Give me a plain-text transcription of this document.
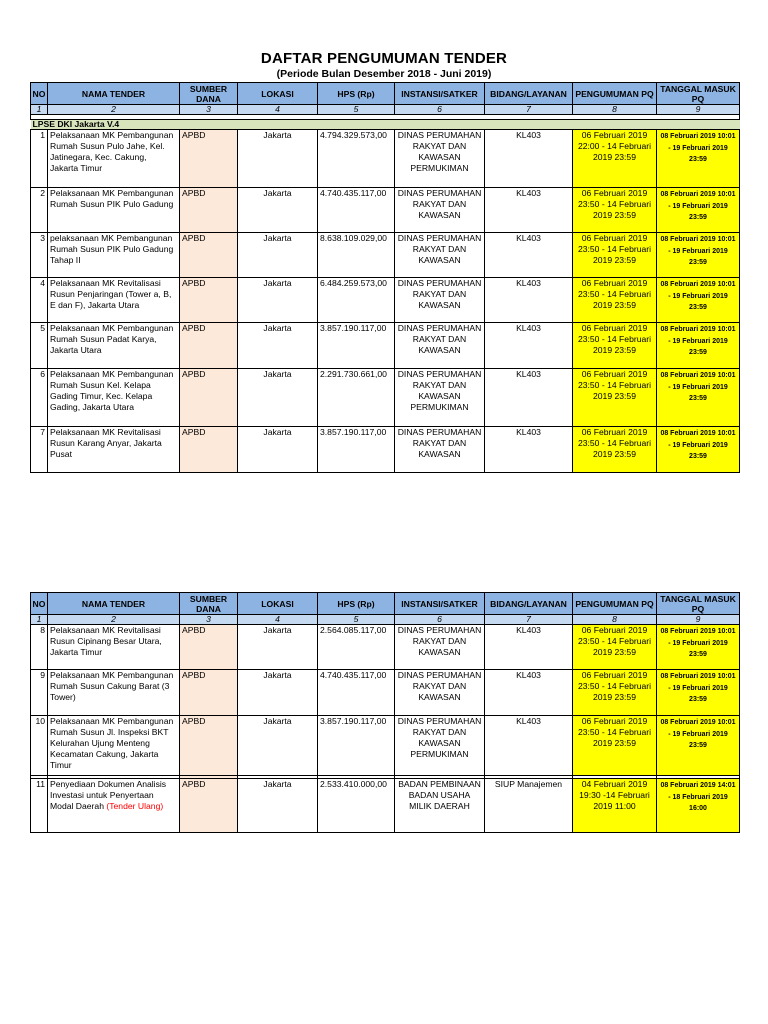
DAFTAR PENGUMUMAN TENDER
(Periode Bulan Desember 2018 - Juni 2019)
NO	NAMA TENDER	SUMBER DANA	LOKASI	HPS (Rp)	INSTANSI/SATKER	BIDANG/LAYANAN	PENGUMUMAN PQ	TANGGAL MASUK PQ
1	2	3	4	5	6	7	8	9

LPSE DKI Jakarta V.4								
1	Pelaksanaan MK Pembangunan Rumah Susun Pulo Jahe, Kel. Jatinegara, Kec. Cakung, Jakarta Timur	APBD	Jakarta	4.794.329.573,00	DINAS PERUMAHAN RAKYAT DAN KAWASAN PERMUKIMAN	KL403	06 Februari 2019 22:00 - 14 Februari 2019 23:59	08 Februari 2019 10:01 - 19 Februari 2019 23:59
2	Pelaksanaan MK Pembangunan Rumah Susun PIK Pulo Gadung	APBD	Jakarta	4.740.435.117,00	DINAS PERUMAHAN RAKYAT DAN KAWASAN	KL403	06 Februari 2019 23:50 - 14 Februari 2019 23:59	08 Februari 2019 10:01 - 19 Februari 2019 23:59
3	pelaksanaan MK Pembangunan Rumah Susun PIK Pulo Gadung Tahap II	APBD	Jakarta	8.638.109.029,00	DINAS PERUMAHAN RAKYAT DAN KAWASAN	KL403	06 Februari 2019 23:50 - 14 Februari 2019 23:59	08 Februari 2019 10:01 - 19 Februari 2019 23:59
4	Pelaksanaan MK Revitalisasi Rusun Penjaringan (Tower a, B, E dan F), Jakarta Utara	APBD	Jakarta	6.484.259.573,00	DINAS PERUMAHAN RAKYAT DAN KAWASAN	KL403	06 Februari 2019 23:50 - 14 Februari 2019 23:59	08 Februari 2019 10:01 - 19 Februari 2019 23:59
5	Pelaksanaan MK Pembangunan Rumah Susun Padat Karya, Jakarta Utara	APBD	Jakarta	3.857.190.117,00	DINAS PERUMAHAN RAKYAT DAN KAWASAN	KL403	06 Februari 2019 23:50 - 14 Februari 2019 23:59	08 Februari 2019 10:01 - 19 Februari 2019 23:59
6	Pelaksanaan MK Pembangunan Rumah Susun Kel. Kelapa Gading Timur, Kec. Kelapa Gading, Jakarta Utara	APBD	Jakarta	2.291.730.661,00	DINAS PERUMAHAN RAKYAT DAN KAWASAN PERMUKIMAN	KL403	06 Februari 2019 23:50 - 14 Februari 2019 23:59	08 Februari 2019 10:01 - 19 Februari 2019 23:59
7	Pelaksanaan MK Revitalisasi Rusun Karang Anyar, Jakarta Pusat	APBD	Jakarta	3.857.190.117,00	DINAS PERUMAHAN RAKYAT DAN KAWASAN	KL403	06 Februari 2019 23:50 - 14 Februari 2019 23:59	08 Februari 2019 10:01 - 19 Februari 2019 23:59
NO	NAMA TENDER	SUMBER DANA	LOKASI	HPS (Rp)	INSTANSI/SATKER	BIDANG/LAYANAN	PENGUMUMAN PQ	TANGGAL MASUK PQ
1	2	3	4	5	6	7	8	9
8	Pelaksanaan MK Revitalisasi Rusun Cipinang Besar Utara, Jakarta Timur	APBD	Jakarta	2.564.085.117,00	DINAS PERUMAHAN RAKYAT DAN KAWASAN	KL403	06 Februari 2019 23:50 - 14 Februari 2019 23:59	08 Februari 2019 10:01 - 19 Februari 2019 23:59
9	Pelaksanaan MK Pembangunan Rumah Susun Cakung Barat (3 Tower)	APBD	Jakarta	4.740.435.117,00	DINAS PERUMAHAN RAKYAT DAN KAWASAN	KL403	06 Februari 2019 23:50 - 14 Februari 2019 23:59	08 Februari 2019 10:01 - 19 Februari 2019 23:59
10	Pelaksanaan MK Pembangunan Rumah Susun Jl. Inspeksi BKT Kelurahan Ujung Menteng Kecamatan Cakung, Jakarta Timur	APBD	Jakarta	3.857.190.117,00	DINAS PERUMAHAN RAKYAT DAN KAWASAN PERMUKIMAN	KL403	06 Februari 2019 23:50 - 14 Februari 2019 23:59	08 Februari 2019 10:01 - 19 Februari 2019 23:59

11	Penyediaan Dokumen Analisis Investasi untuk Penyertaan Modal Daerah (Tender Ulang)	APBD	Jakarta	2.533.410.000,00	BADAN PEMBINAAN BADAN USAHA MILIK DAERAH	SIUP Manajemen	04 Februari 2019 19:30 -14 Februari 2019 11:00	08 Februari 2019 14:01 - 18 Februari 2019 16:00
